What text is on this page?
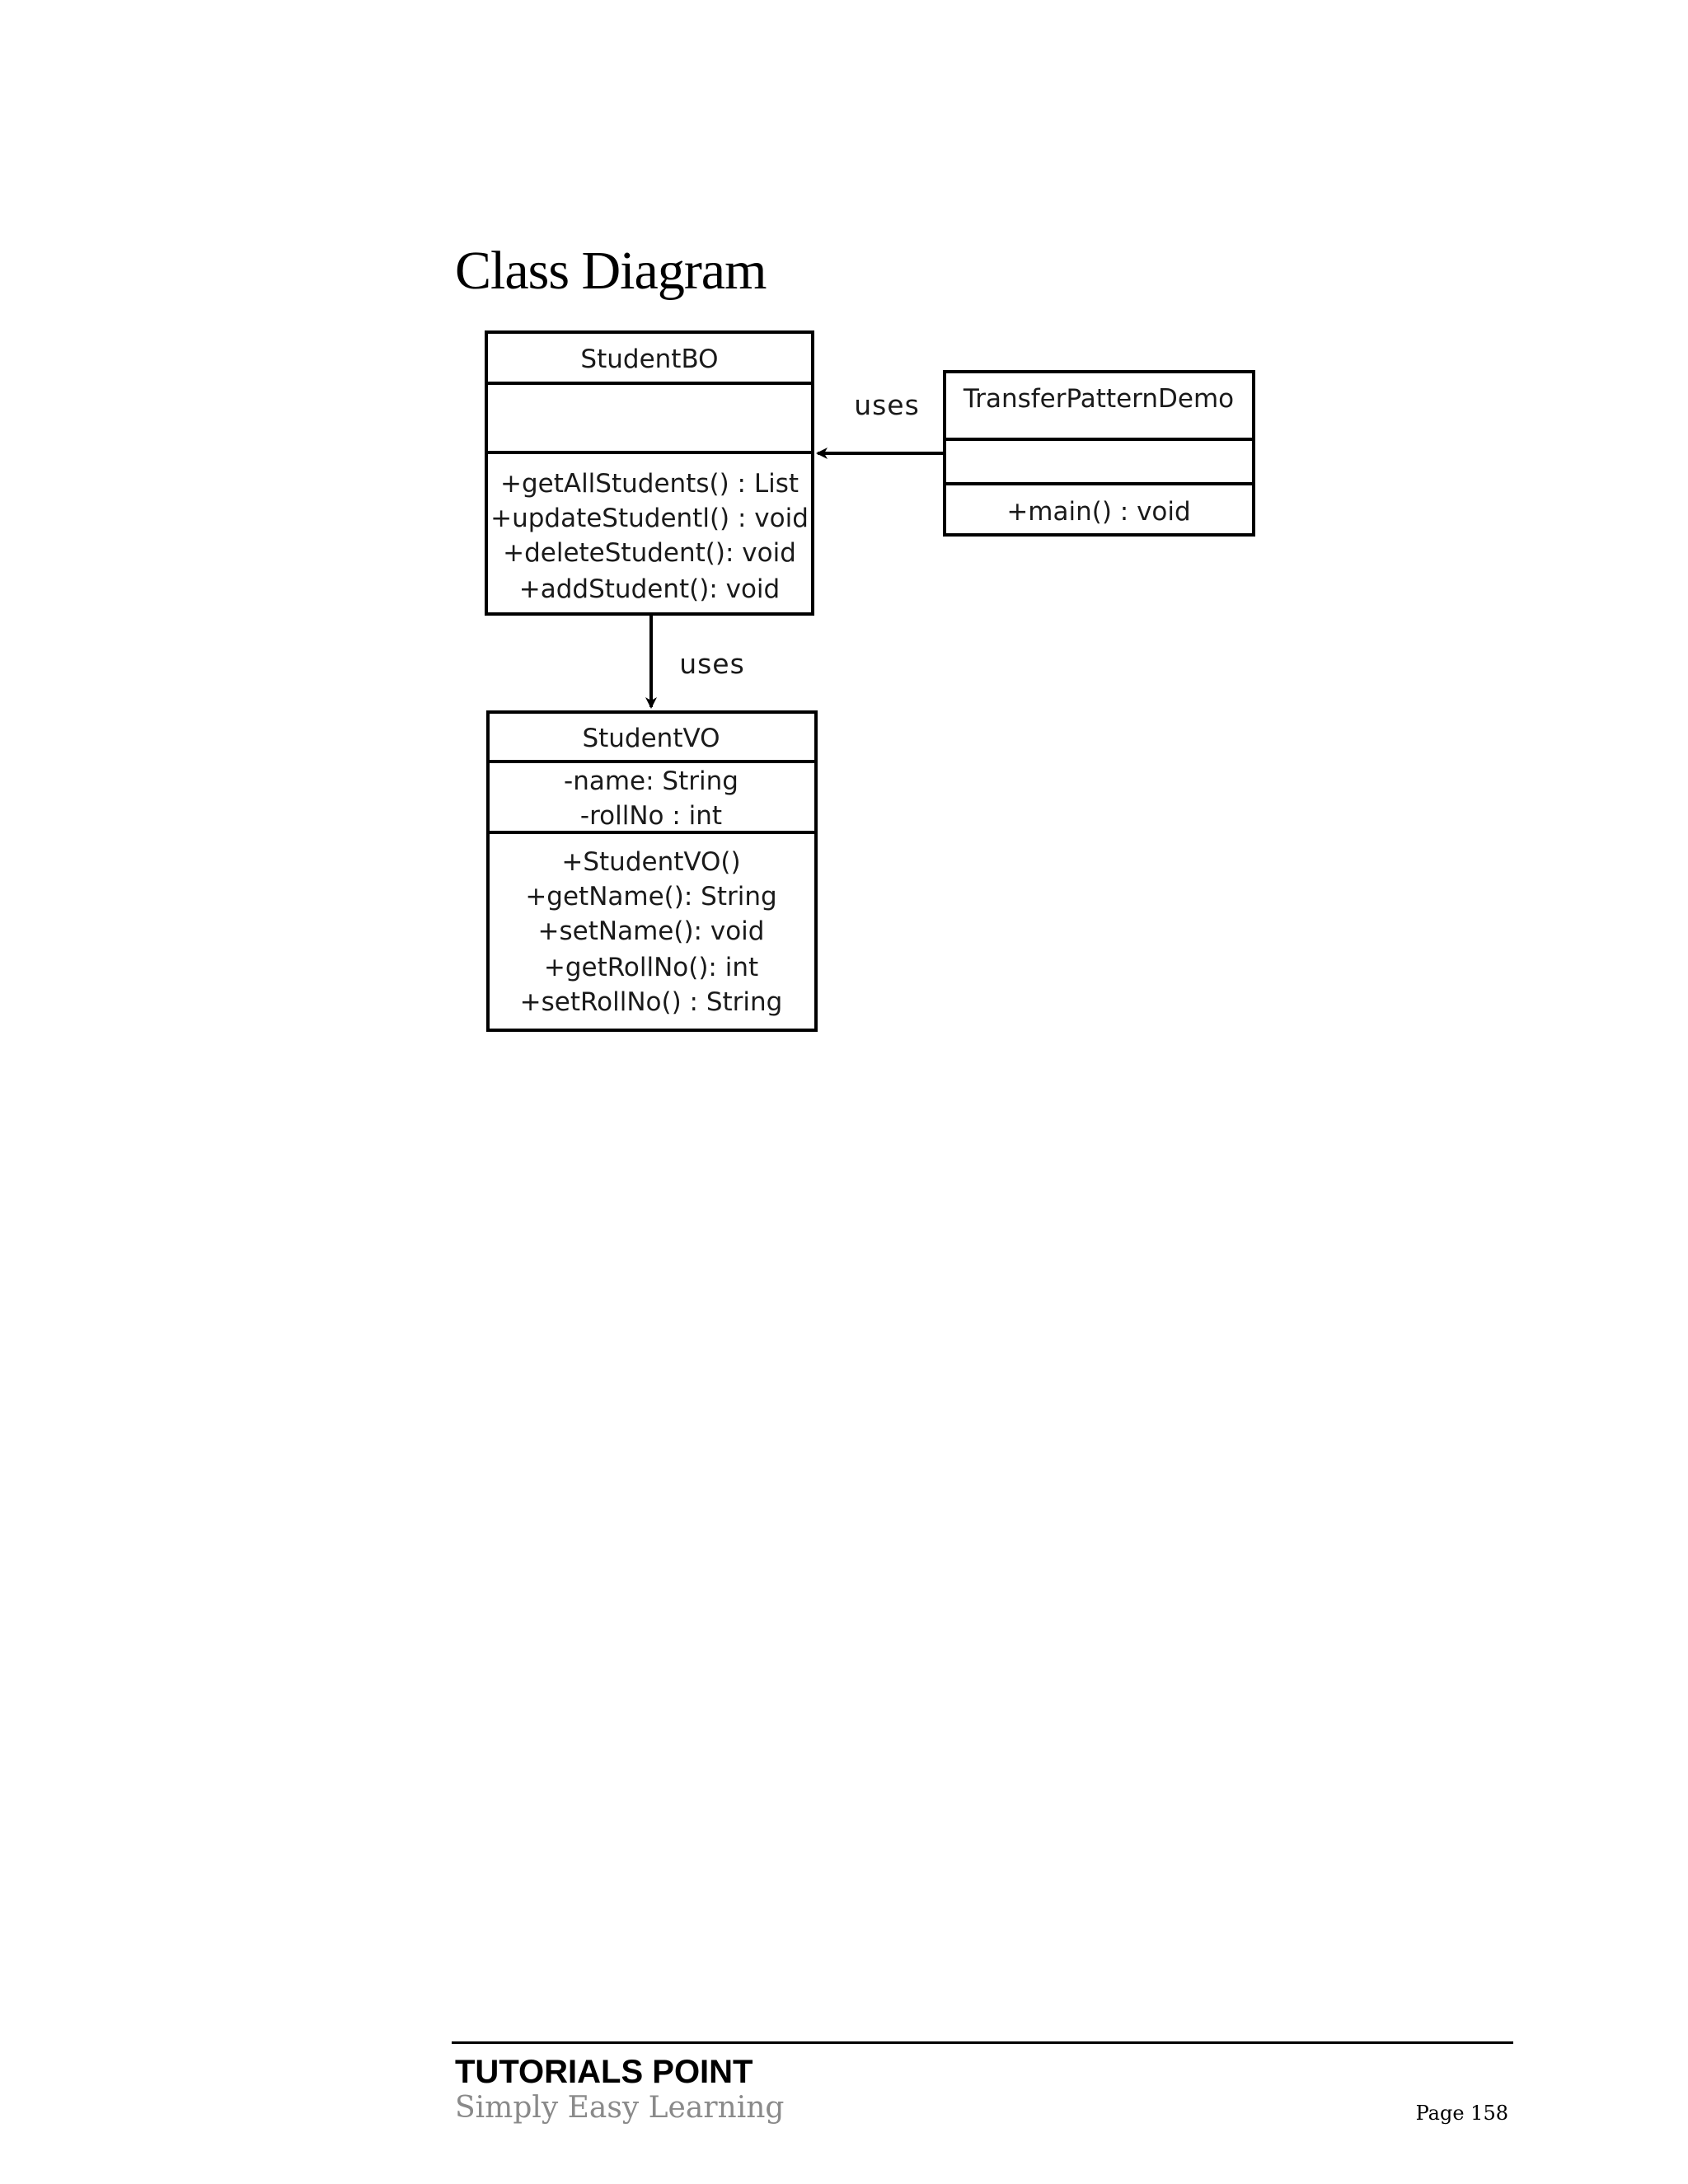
Class Diagram
StudentBO
+getAllStudents() : List
+updateStudentl() : void
+deleteStudent(): void
+addStudent(): void
TransferPatternDemo
+main() : void
StudentVO
-name: String
-rollNo : int
+StudentVO()
+getName(): String
+setName(): void
+getRollNo(): int
+setRollNo() : String
uses
uses
TUTORIALS POINT
Simply Easy Learning	Page 158
